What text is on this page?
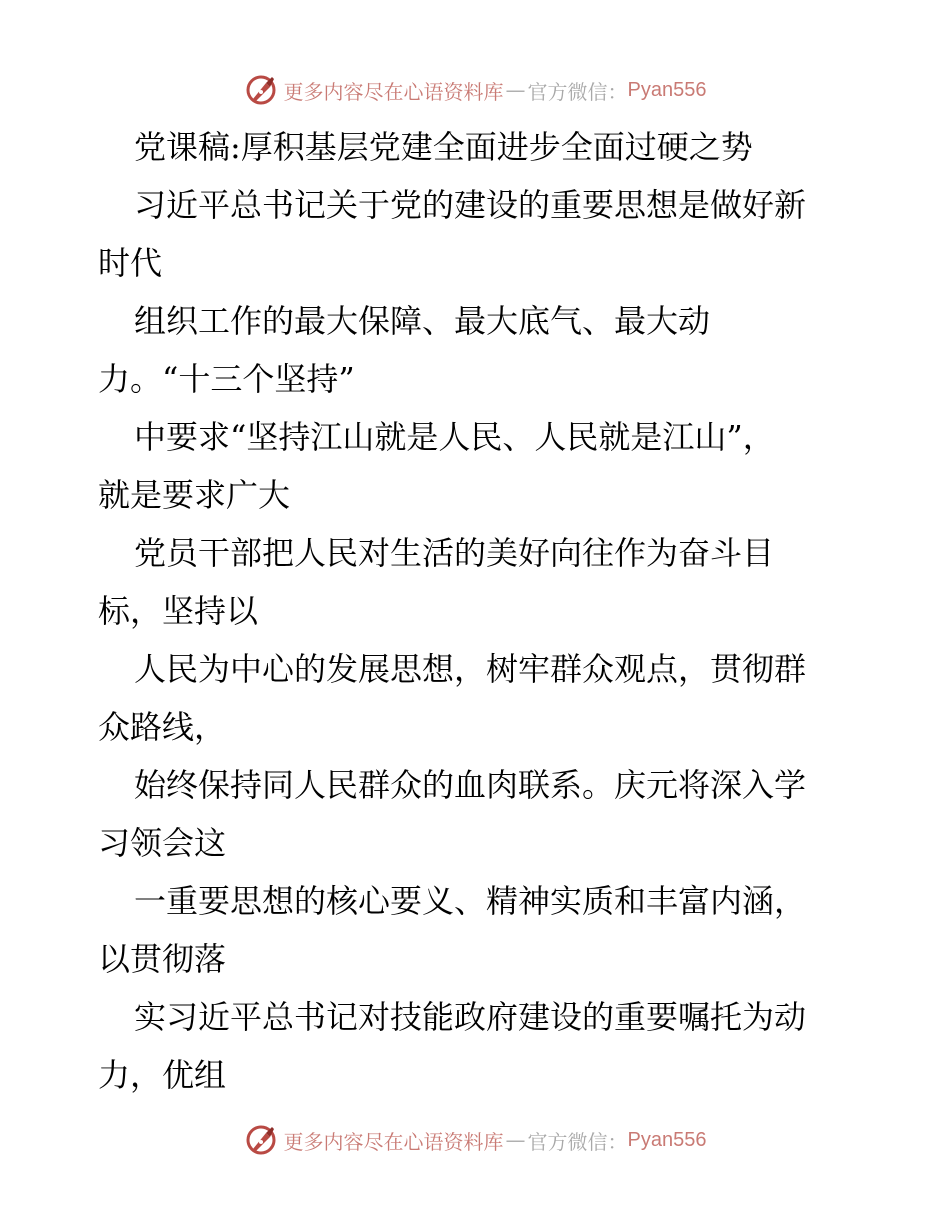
更多内容尽在心语资料库 — 官方微信： Pyan556
党课稿:厚积基层党建全面进步全面过硬之势
习近平总书记关于党的建设的重要思想是做好新
时代
组织工作的最大保障、最大底气、最大动
力。“十三个坚持”
中要求“坚持江山就是人民、人民就是江山”，
就是要求广大
党员干部把人民对生活的美好向往作为奋斗目
标，坚持以
人民为中心的发展思想，树牢群众观点，贯彻群
众路线，
始终保持同人民群众的血肉联系。庆元将深入学
习领会这
一重要思想的核心要义、精神实质和丰富内涵，
以贯彻落
实习近平总书记对技能政府建设的重要嘱托为动
力，优组
更多内容尽在心语资料库 — 官方微信： Pyan556
